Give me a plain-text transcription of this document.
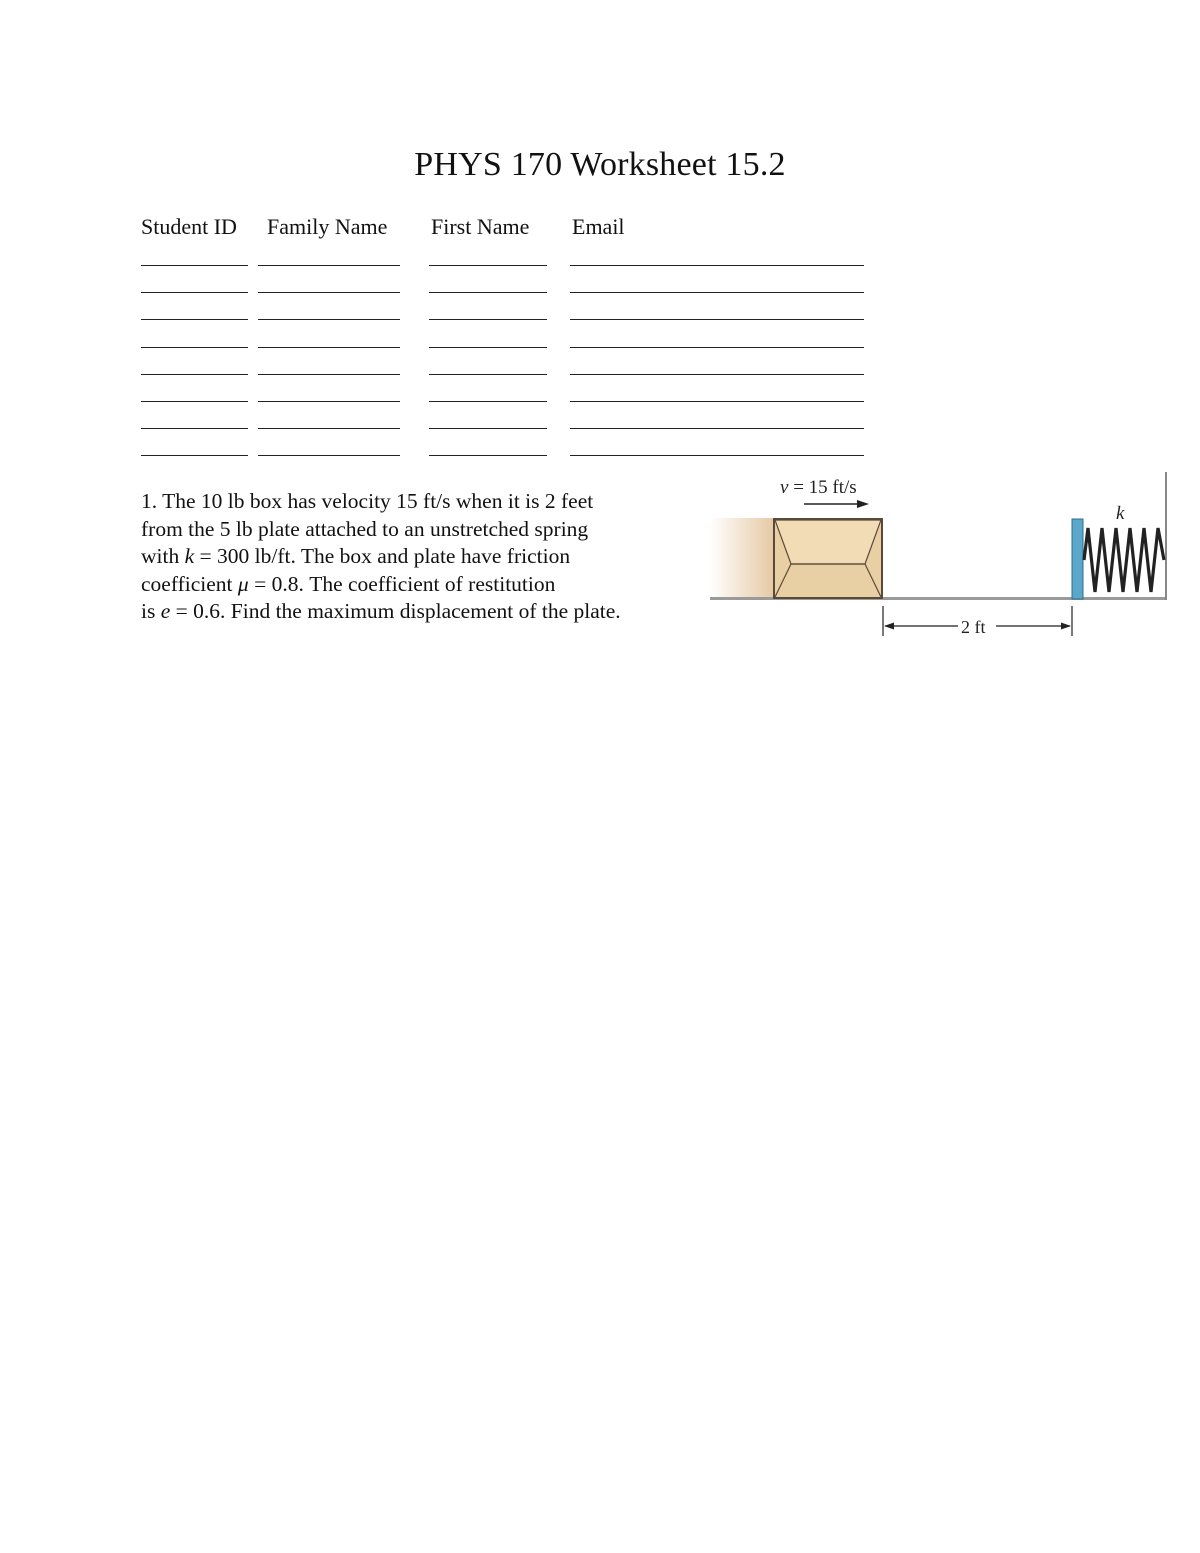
PHYS 170 Worksheet 15.2
Student ID Family Name First Name Email
1. The 10 lb box has velocity 15 ft/s when it is 2 feet
from the 5 lb plate attached to an unstretched spring
with k = 300 lb/ft. The box and plate have friction
coefficient μ = 0.8. The coefficient of restitution
is e = 0.6. Find the maximum displacement of the plate.
v = 15 ft/s
k
2 ft
